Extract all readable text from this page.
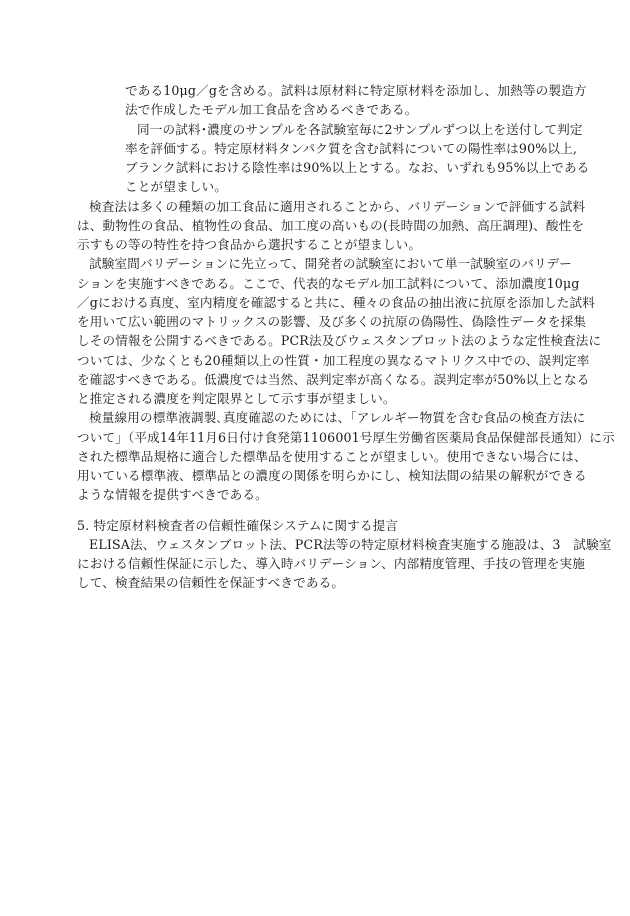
である10μg／gを含める。試料は原材料に特定原材料を添加し、加熱等の製造方
法で作成したモデル加工食品を含めるべきである。
同一の試料･濃度のサンプルを各試験室毎に2サンプルずつ以上を送付して判定
率を評価する。特定原材料タンパク質を含む試料についての陽性率は90%以上,
ブランク試料における陰性率は90%以上とする。なお、いずれも95%以上である
ことが望ましい。
検査法は多くの種類の加工食品に適用されることから、バリデーションで評価する試料
は、動物性の食品、植物性の食品、加工度の高いもの(長時間の加熱、高圧調理)、酸性を
示すもの等の特性を持つ食品から選択することが望ましい。
試験室間バリデーションに先立って、開発者の試験室において単一試験室のバリデー
ションを実施すべきである。ここで、代表的なモデル加工試料について、添加濃度10μg
／gにおける真度、室内精度を確認すると共に、種々の食品の抽出液に抗原を添加した試料
を用いて広い範囲のマトリックスの影響、及び多くの抗原の偽陽性、偽陰性データを採集
しその情報を公開するべきである。PCR法及びウェスタンブロット法のような定性検査法に
ついては、少なくとも20種類以上の性質・加工程度の異なるマトリクス中での、誤判定率
を確認すべきである。低濃度では当然、誤判定率が高くなる。誤判定率が50%以上となる
と推定される濃度を判定限界として示す事が望ましい。
検量線用の標準液調製､真度確認のためには、「アレルギー物質を含む食品の検査方法に
ついて」（平成14年11月6日付け食発第1106001号厚生労働省医薬局食品保健部長通知）に示
された標準品規格に適合した標準品を使用することが望ましい。使用できない場合には、
用いている標準液、標準品との濃度の関係を明らかにし、検知法間の結果の解釈ができる
ような情報を提供すべきである。
5. 特定原材料検査者の信頼性確保システムに関する提言
ELISA法、ウェスタンブロット法、PCR法等の特定原材料検査実施する施設は、3　試験室
における信頼性保証に示した、導入時バリデーション、内部精度管理、手技の管理を実施
して、検査結果の信頼性を保証すべきである。
